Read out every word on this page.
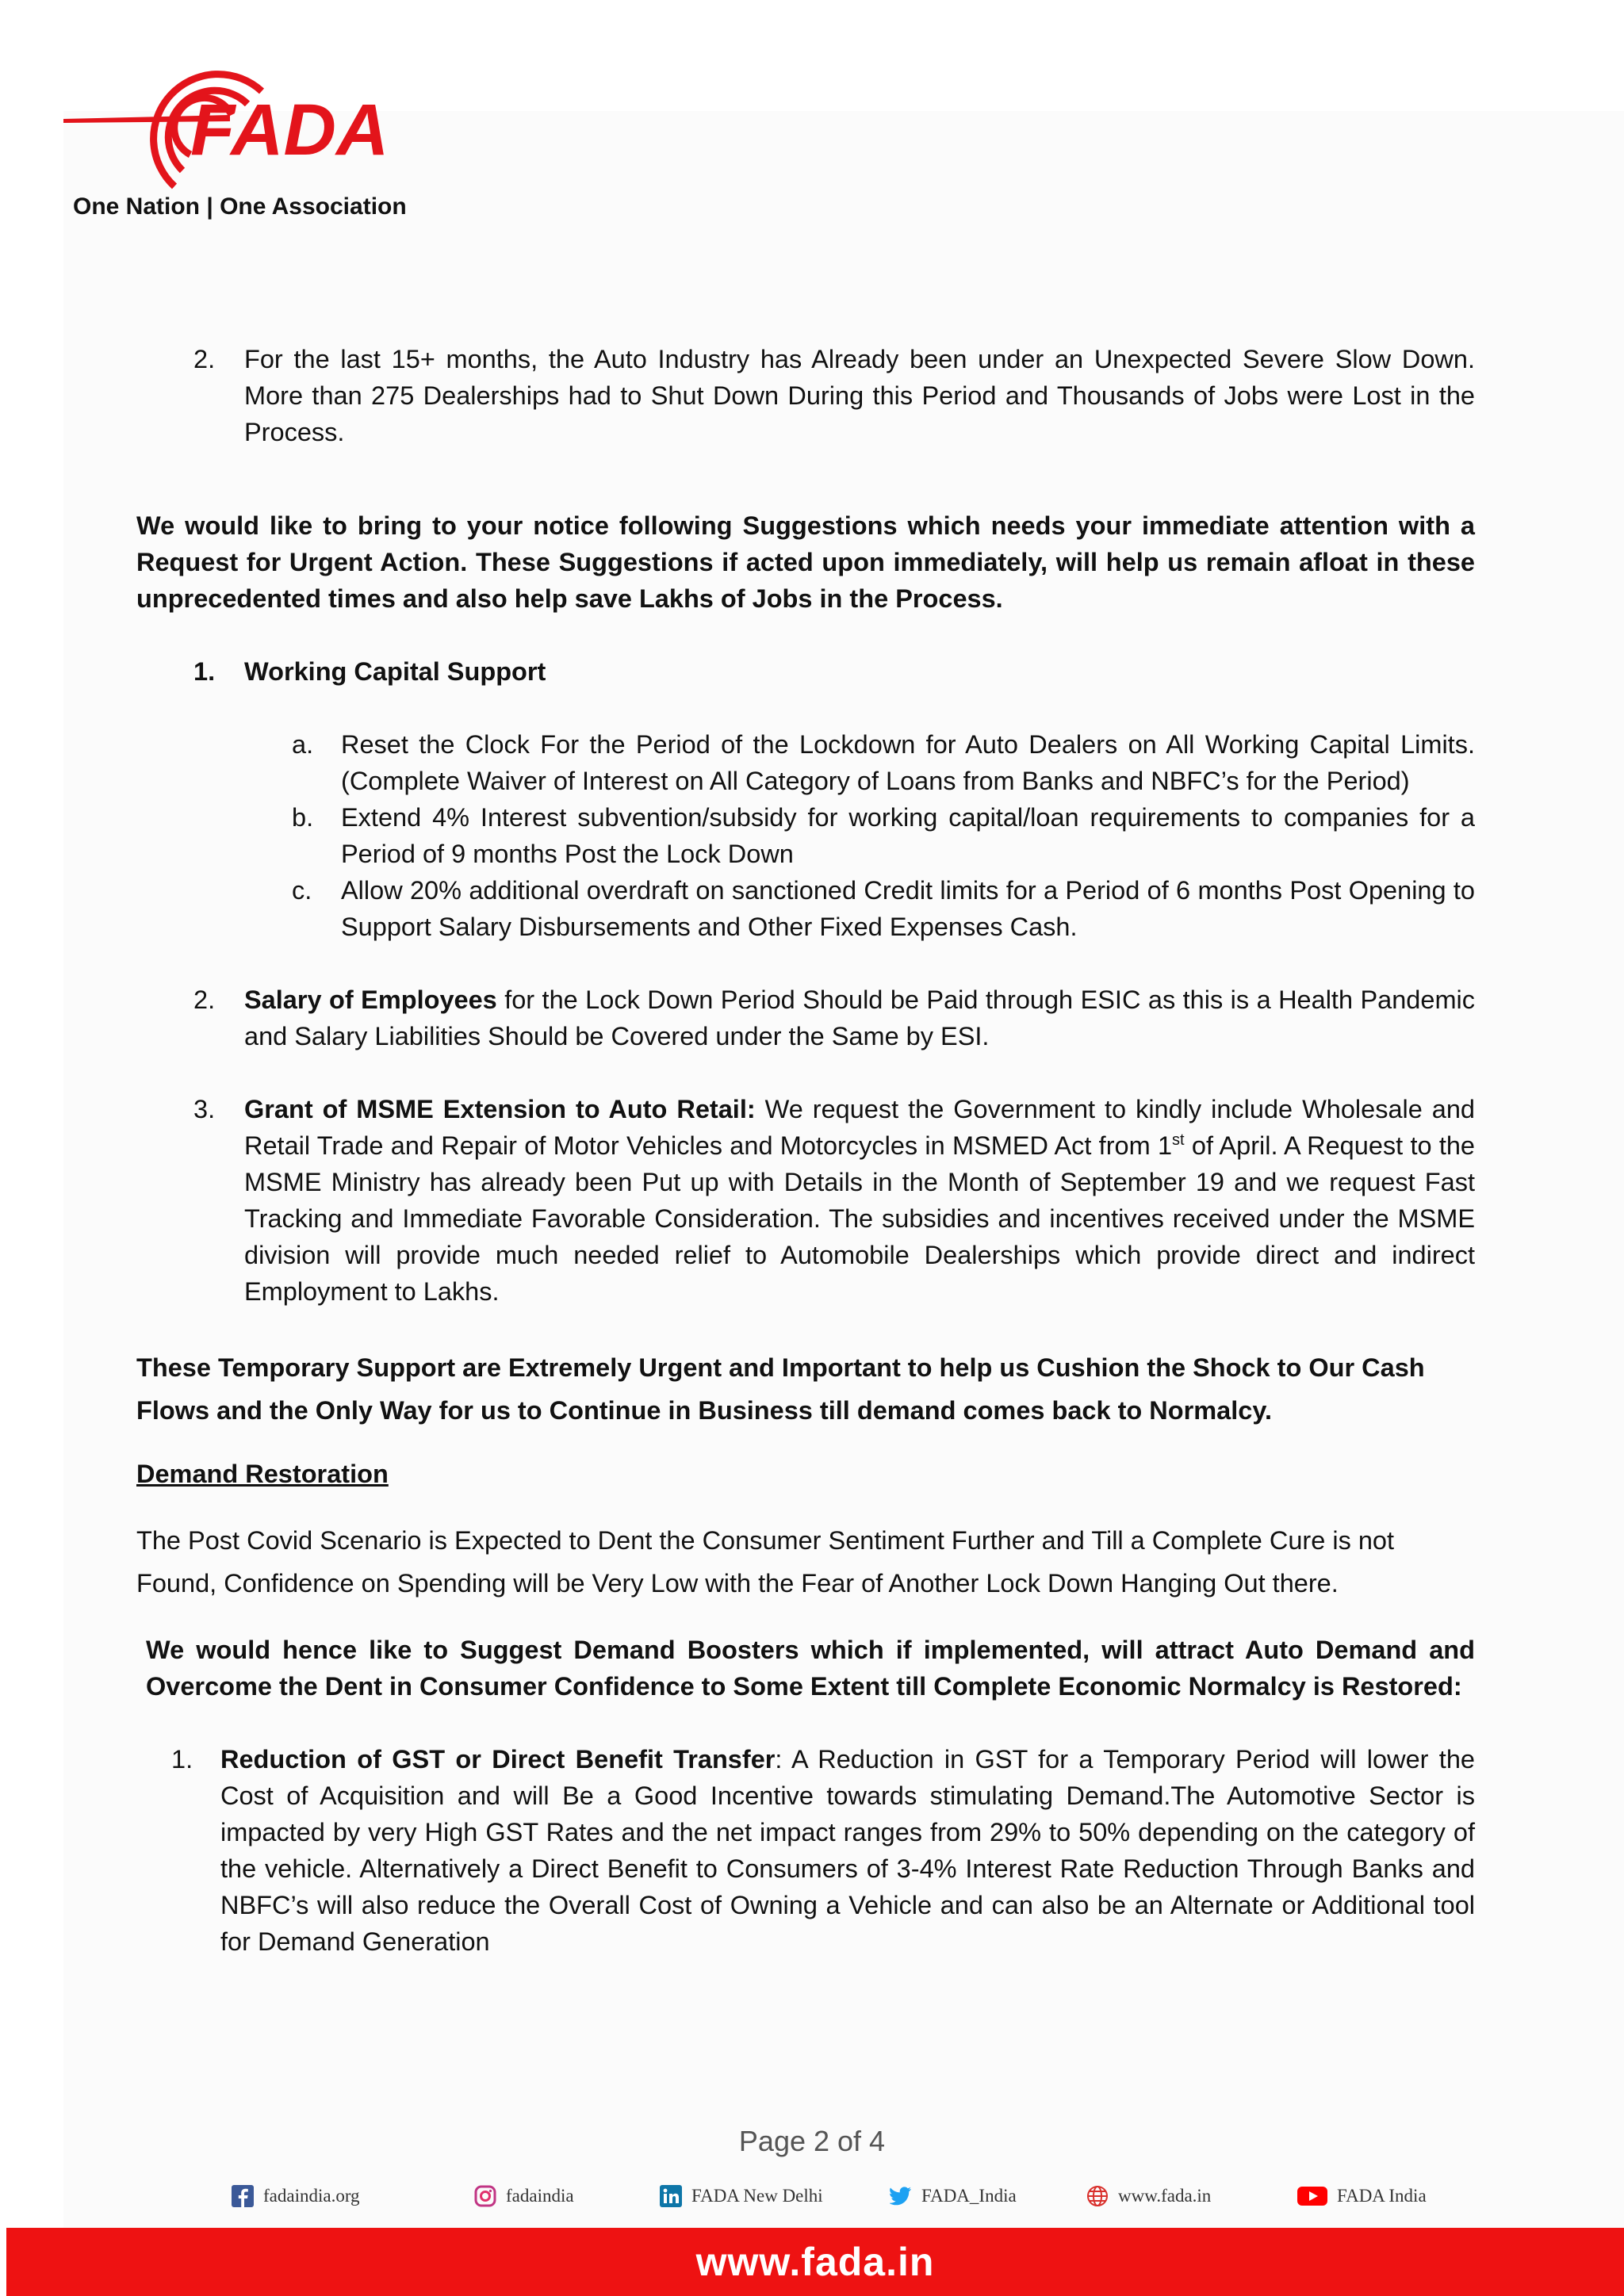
FADA
One Nation | One Association
2. For the last 15+ months, the Auto Industry has Already been under an Unexpected Severe Slow Down. More than 275 Dealerships had to Shut Down During this Period and Thousands of Jobs were Lost in the Process.

We would like to bring to your notice following Suggestions which needs your immediate attention with a Request for Urgent Action. These Suggestions if acted upon immediately, will help us remain afloat in these unprecedented times and also help save Lakhs of Jobs in the Process.

1. Working Capital Support
a. Reset the Clock For the Period of the Lockdown for Auto Dealers on All Working Capital Limits.(Complete Waiver of Interest on All Category of Loans from Banks and NBFC’s for the Period)
b. Extend 4% Interest subvention/subsidy for working capital/loan requirements to companies for a Period of 9 months Post the Lock Down
c. Allow 20% additional overdraft on sanctioned Credit limits for a Period of 6 months Post Opening to Support Salary Disbursements and Other Fixed Expenses Cash.
2. Salary of Employees for the Lock Down Period Should be Paid through ESIC as this is a Health Pandemic and Salary Liabilities Should be Covered under the Same by ESI.
3. Grant of MSME Extension to Auto Retail: We request the Government to kindly include Wholesale and Retail Trade and Repair of Motor Vehicles and Motorcycles in MSMED Act from 1st of April. A Request to the MSME Ministry has already been Put up with Details in the Month of September 19 and we request Fast Tracking and Immediate Favorable Consideration. The subsidies and incentives received under the MSME division will provide much needed relief to Automobile Dealerships which provide direct and indirect Employment to Lakhs.

These Temporary Support are Extremely Urgent and Important to help us Cushion the Shock to Our Cash Flows and the Only Way for us to Continue in Business till demand comes back to Normalcy.

Demand Restoration

The Post Covid Scenario is Expected to Dent the Consumer Sentiment Further and Till a Complete Cure is not Found, Confidence on Spending will be Very Low with the Fear of Another Lock Down Hanging Out there.

We would hence like to Suggest Demand Boosters which if implemented, will attract Auto Demand and Overcome the Dent in Consumer Confidence to Some Extent till Complete Economic Normalcy is Restored:

1. Reduction of GST or Direct Benefit Transfer: A Reduction in GST for a Temporary Period will lower the Cost of Acquisition and will Be a Good Incentive towards stimulating Demand.The Automotive Sector is impacted by very High GST Rates and the net impact ranges from 29% to 50% depending on the category of the vehicle. Alternatively a Direct Benefit to Consumers of 3-4% Interest Rate Reduction Through Banks and NBFC’s will also reduce the Overall Cost of Owning a Vehicle and can also be an Alternate or Additional tool for Demand Generation
Page 2 of 4
fadaindia.org	fadaindia	FADA New Delhi	FADA_India	www.fada.in	FADA India
www.fada.in
